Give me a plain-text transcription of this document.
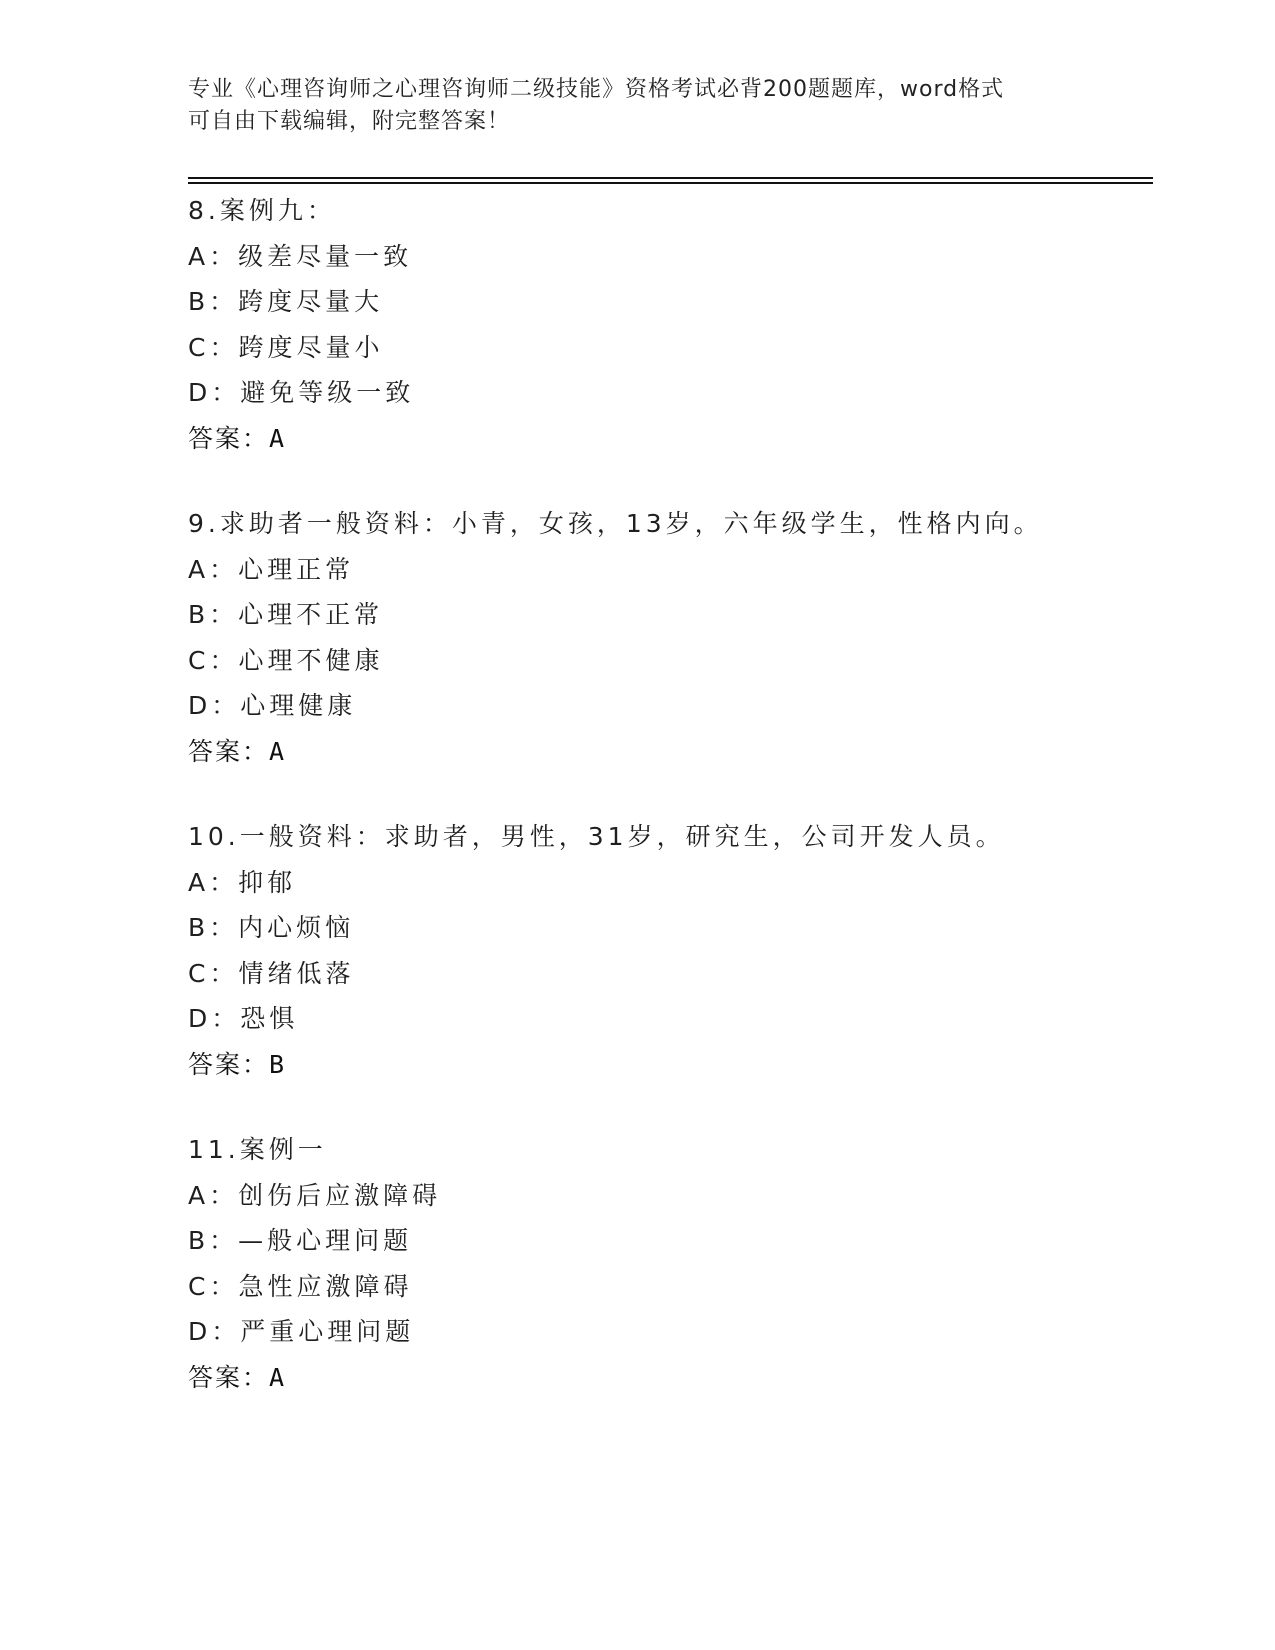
专业《心理咨询师之心理咨询师二级技能》资格考试必背200题题库，word格式
可自由下载编辑，附完整答案！
8.案例九：
A：级差尽量一致
B：跨度尽量大
C：跨度尽量小
D：避免等级一致
答案：A
9.求助者一般资料：小青，女孩，13岁，六年级学生，性格内向。
A：心理正常
B：心理不正常
C：心理不健康
D：心理健康
答案：A
10.一般资料：求助者，男性，31岁，研究生，公司开发人员。
A：抑郁
B：内心烦恼
C：情绪低落
D：恐惧
答案：B
11.案例一
A：创伤后应激障碍
B：—般心理问题
C：急性应激障碍
D：严重心理问题
答案：A
